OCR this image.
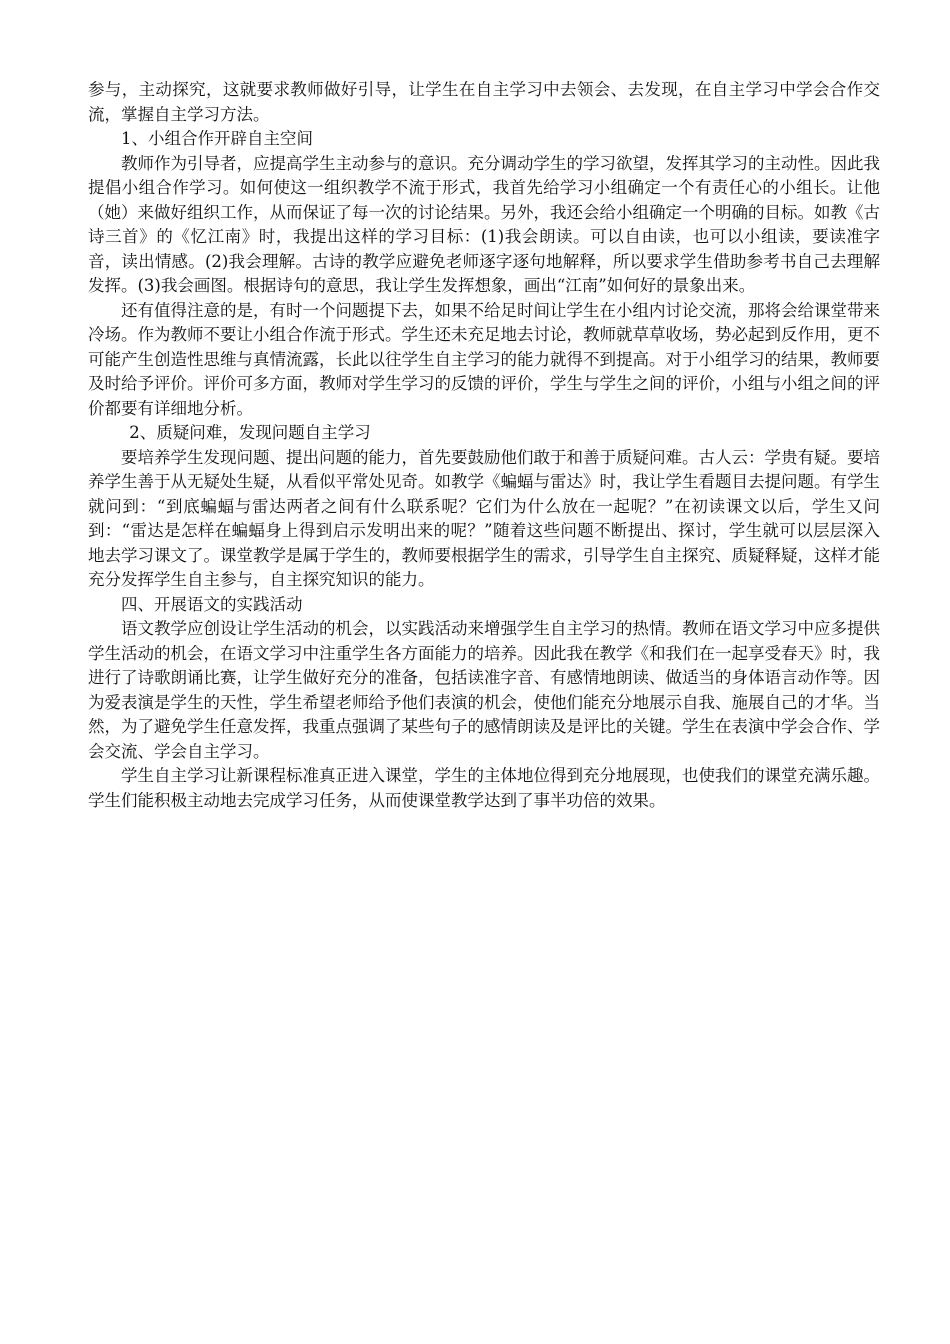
参与，主动探究，这就要求教师做好引导，让学生在自主学习中去领会、去发现，在自主学习中学会合作交流，掌握自主学习方法。

1、小组合作开辟自主空间

教师作为引导者，应提高学生主动参与的意识。充分调动学生的学习欲望，发挥其学习的主动性。因此我提倡小组合作学习。如何使这一组织教学不流于形式，我首先给学习小组确定一个有责任心的小组长。让他（她）来做好组织工作，从而保证了每一次的讨论结果。另外，我还会给小组确定一个明确的目标。如教《古诗三首》的《忆江南》时，我提出这样的学习目标：(1)我会朗读。可以自由读，也可以小组读，要读准字音，读出情感。(2)我会理解。古诗的教学应避免老师逐字逐句地解释，所以要求学生借助参考书自己去理解发挥。(3)我会画图。根据诗句的意思，我让学生发挥想象，画出“江南”如何好的景象出来。

还有值得注意的是，有时一个问题提下去，如果不给足时间让学生在小组内讨论交流，那将会给课堂带来冷场。作为教师不要让小组合作流于形式。学生还未充足地去讨论，教师就草草收场，势必起到反作用，更不可能产生创造性思维与真情流露，长此以往学生自主学习的能力就得不到提高。对于小组学习的结果，教师要及时给予评价。评价可多方面，教师对学生学习的反馈的评价，学生与学生之间的评价，小组与小组之间的评价都要有详细地分析。

2、质疑问难，发现问题自主学习

要培养学生发现问题、提出问题的能力，首先要鼓励他们敢于和善于质疑问难。古人云：学贵有疑。要培养学生善于从无疑处生疑，从看似平常处见奇。如教学《蝙蝠与雷达》时，我让学生看题目去提问题。有学生就问到：“到底蝙蝠与雷达两者之间有什么联系呢？它们为什么放在一起呢？”在初读课文以后，学生又问到：“雷达是怎样在蝙蝠身上得到启示发明出来的呢？”随着这些问题不断提出、探讨，学生就可以层层深入地去学习课文了。课堂教学是属于学生的，教师要根据学生的需求，引导学生自主探究、质疑释疑，这样才能充分发挥学生自主参与，自主探究知识的能力。

四、开展语文的实践活动

语文教学应创设让学生活动的机会，以实践活动来增强学生自主学习的热情。教师在语文学习中应多提供学生活动的机会，在语文学习中注重学生各方面能力的培养。因此我在教学《和我们在一起享受春天》时，我进行了诗歌朗诵比赛，让学生做好充分的准备，包括读准字音、有感情地朗读、做适当的身体语言动作等。因为爱表演是学生的天性，学生希望老师给予他们表演的机会，使他们能充分地展示自我、施展自己的才华。当然，为了避免学生任意发挥，我重点强调了某些句子的感情朗读及是评比的关键。学生在表演中学会合作、学会交流、学会自主学习。

学生自主学习让新课程标准真正进入课堂，学生的主体地位得到充分地展现，也使我们的课堂充满乐趣。学生们能积极主动地去完成学习任务，从而使课堂教学达到了事半功倍的效果。
